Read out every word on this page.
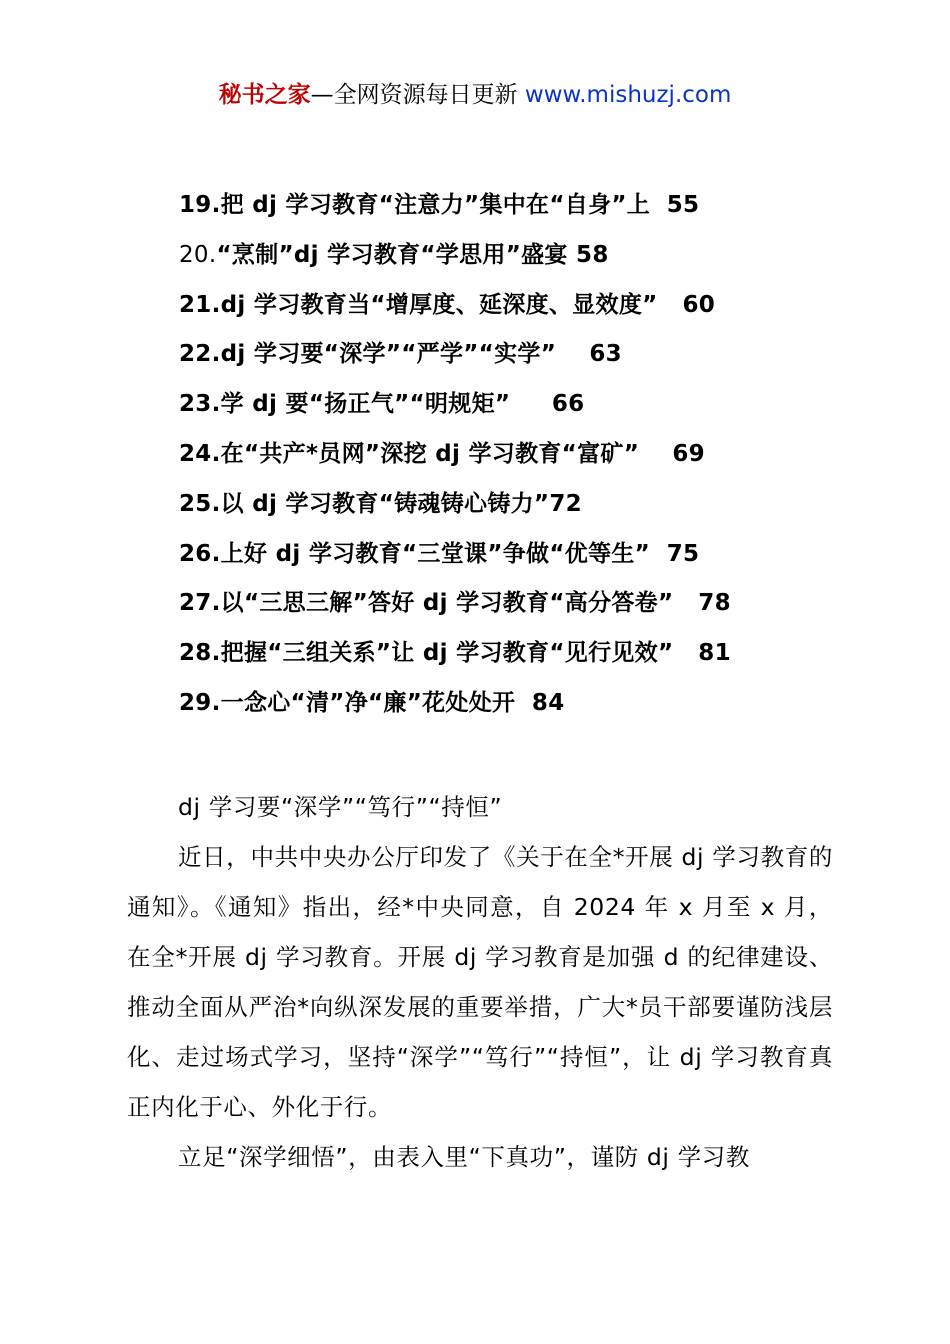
秘书之家—全网资源每日更新 www.mishuzj.com
19.把 dj 学习教育“注意力”集中在“自身”上  55
20.“烹制”dj 学习教育“学思用”盛宴 58
21.dj 学习教育当“增厚度、延深度、显效度”   60
22.dj 学习要“深学”“严学”“实学”    63
23.学 dj 要“扬正气”“明规矩”     66
24.在“共产*员网”深挖 dj 学习教育“富矿”    69
25.以 dj 学习教育“铸魂铸心铸力”72
26.上好 dj 学习教育“三堂课”争做“优等生”  75
27.以“三思三解”答好 dj 学习教育“高分答卷”   78
28.把握“三组关系”让 dj 学习教育“见行见效”   81
29.一念心“清”净“廉”花处处开  84

dj 学习要“深学”“笃行”“持恒”

近日，中共中央办公厅印发了《关于在全*开展 dj 学习教育的通知》。《通知》指出，经*中央同意，自 2024 年 x 月至 x 月，在全*开展 dj 学习教育。开展 dj 学习教育是加强 d 的纪律建设、推动全面从严治*向纵深发展的重要举措，广大*员干部要谨防浅层化、走过场式学习，坚持“深学”“笃行”“持恒”，让 dj 学习教育真正内化于心、外化于行。

立足“深学细悟”，由表入里“下真功”，谨防 dj 学习教
